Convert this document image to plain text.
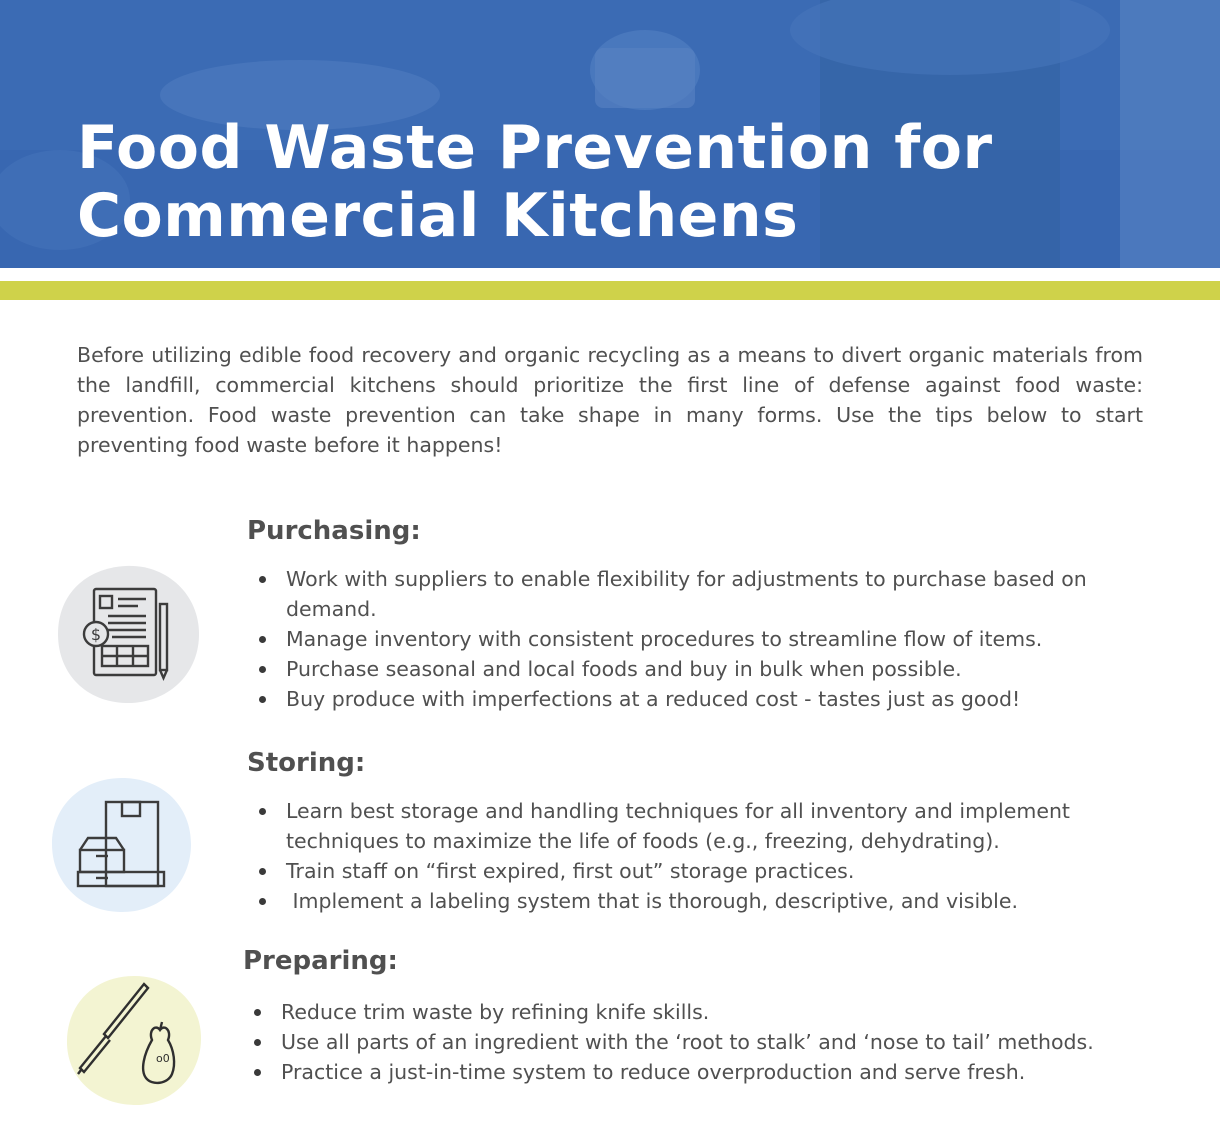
Food Waste Prevention for
Commercial Kitchens

Before utilizing edible food recovery and organic recycling as a means to divert organic materials from the landfill, commercial kitchens should prioritize the first line of defense against food waste: prevention. Food waste prevention can take shape in many forms. Use the tips below to start preventing food waste before it happens!

$
Purchasing:
Work with suppliers to enable flexibility for adjustments to purchase based on demand.
Manage inventory with consistent procedures to streamline flow of items.
Purchase seasonal and local foods and buy in bulk when possible.
Buy produce with imperfections at a reduced cost - tastes just as good!
Storing:
Learn best storage and handling techniques for all inventory and implement techniques to maximize the life of foods (e.g., freezing, dehydrating).
Train staff on “first expired, first out” storage practices.
Implement a labeling system that is thorough, descriptive, and visible.
o0
Preparing:
Reduce trim waste by refining knife skills.
Use all parts of an ingredient with the ‘root to stalk’ and ‘nose to tail’ methods.
Practice a just-in-time system to reduce overproduction and serve fresh.
